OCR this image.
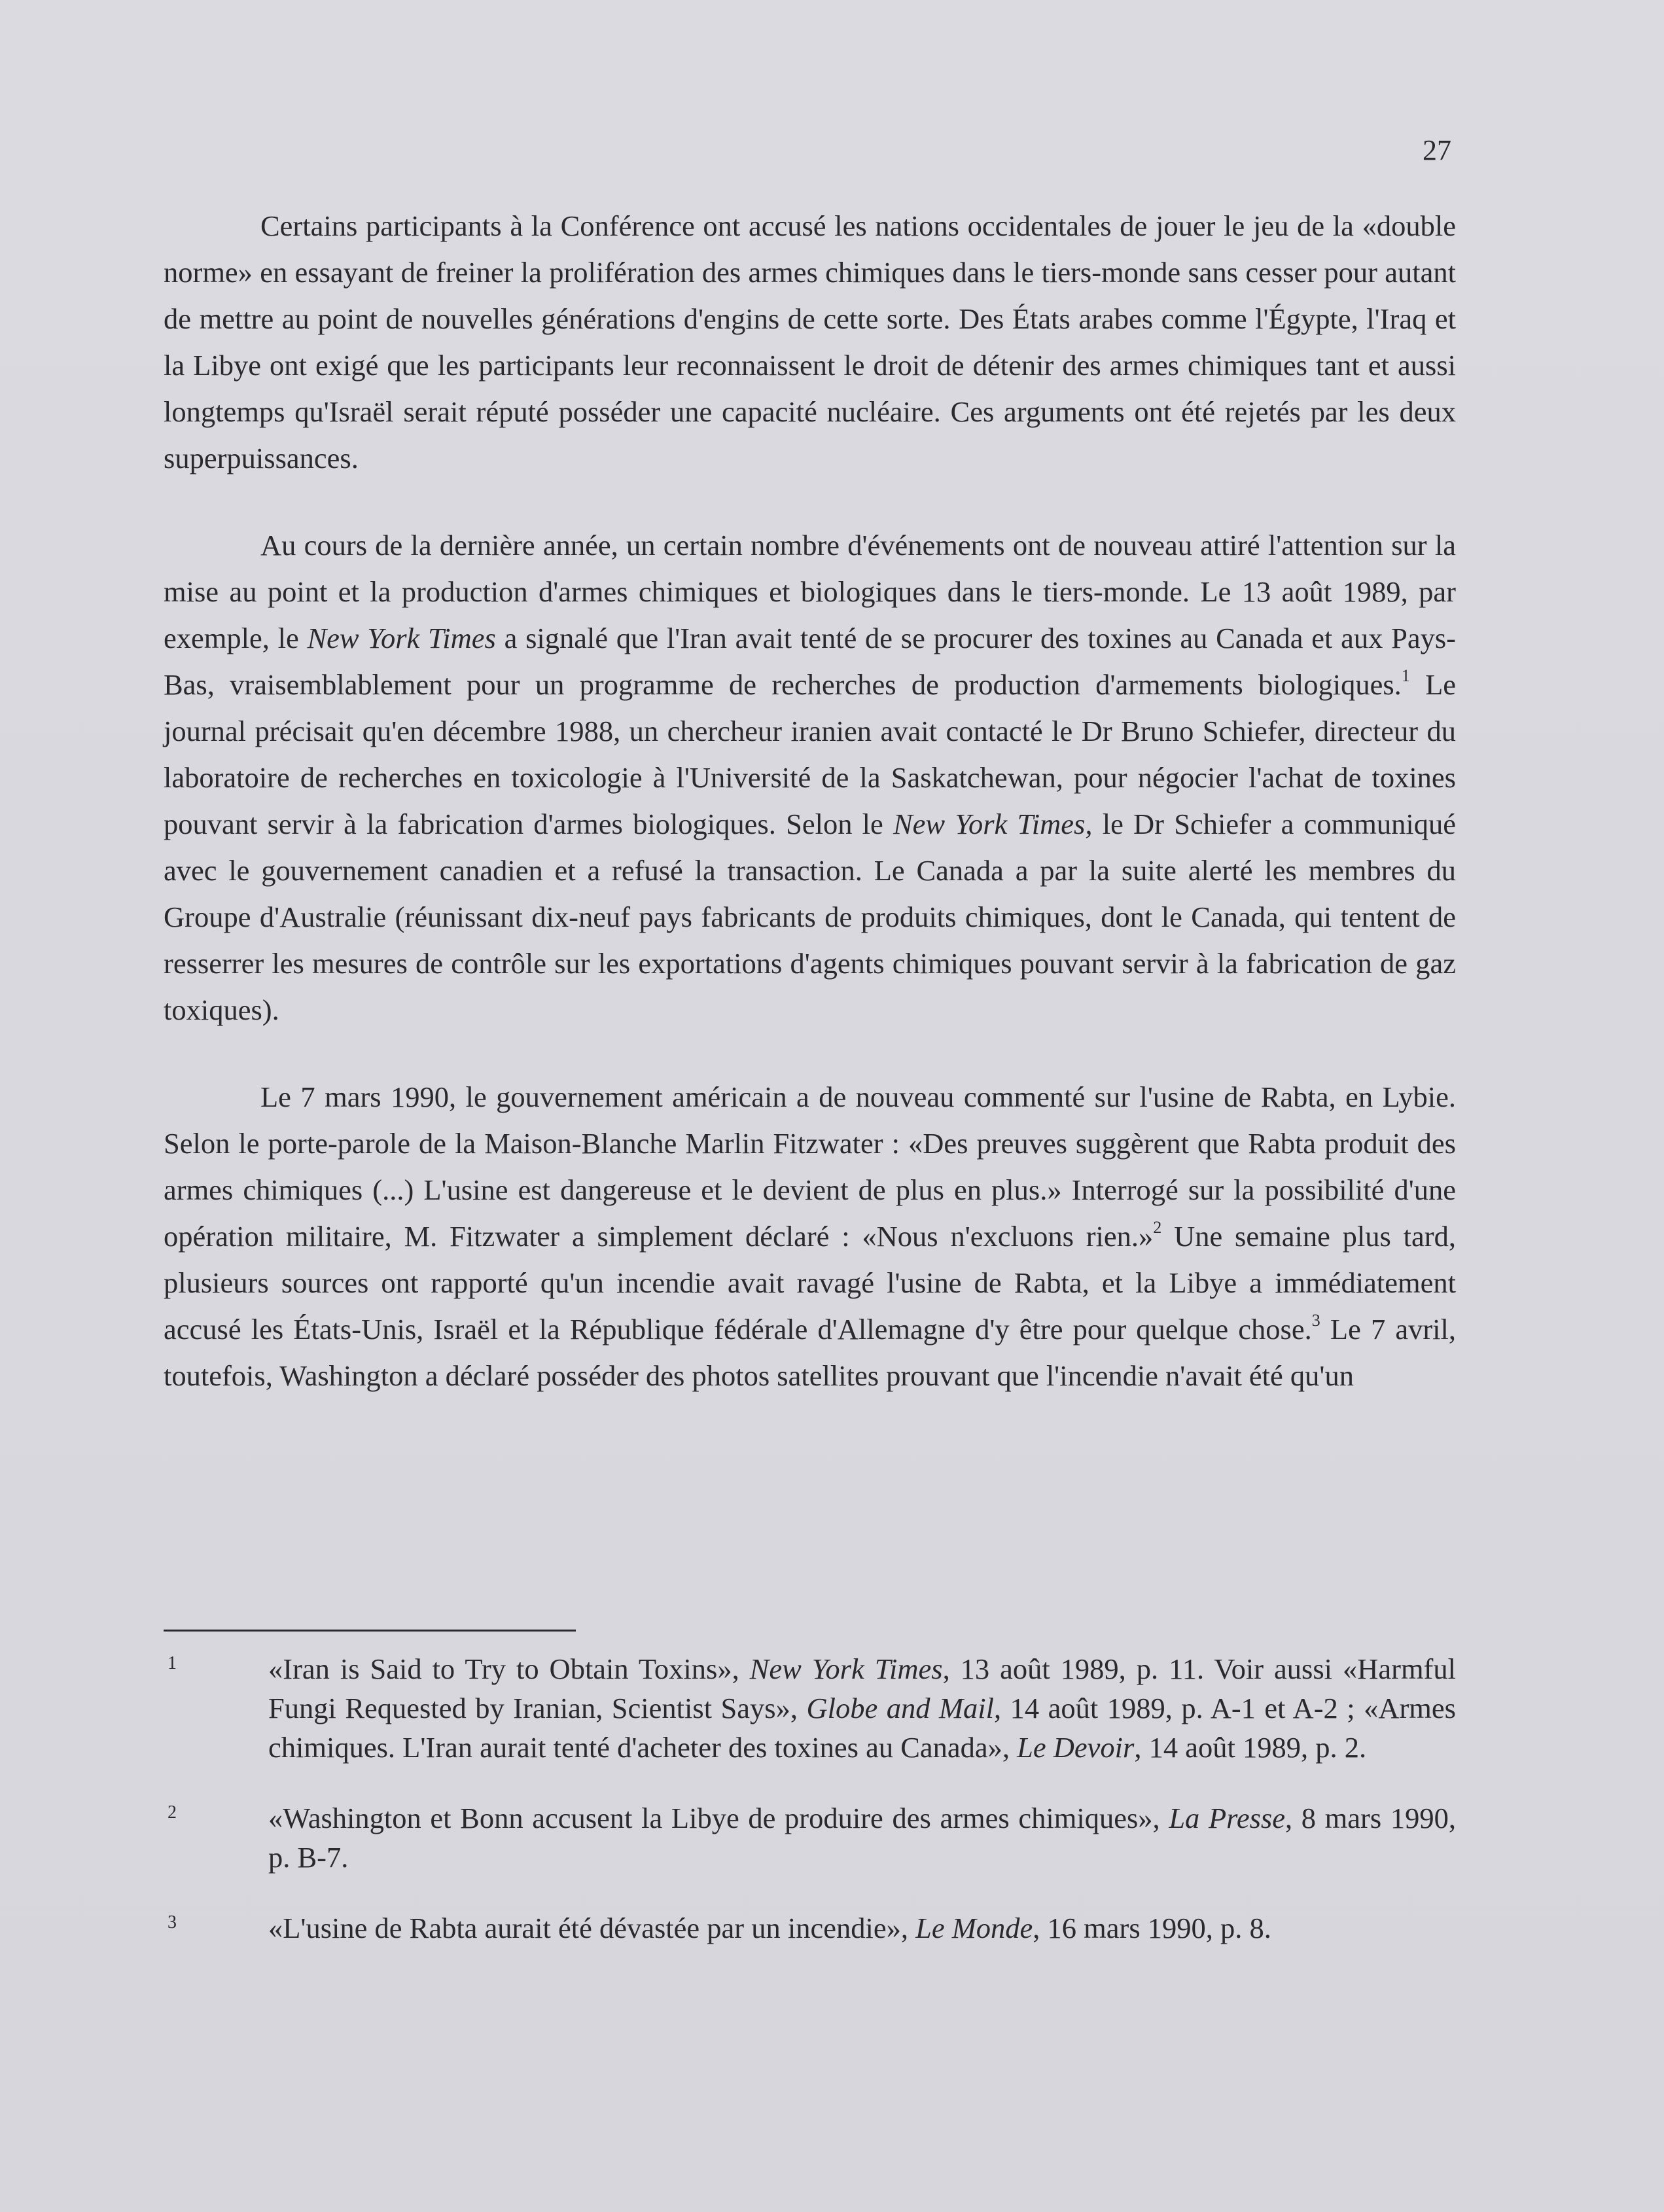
27

Certains participants à la Conférence ont accusé les nations occidentales de jouer le jeu de la «double norme» en essayant de freiner la prolifération des armes chimiques dans le tiers-monde sans cesser pour autant de mettre au point de nouvelles générations d'engins de cette sorte. Des États arabes comme l'Égypte, l'Iraq et la Libye ont exigé que les participants leur reconnaissent le droit de détenir des armes chimiques tant et aussi longtemps qu'Israël serait réputé posséder une capacité nucléaire. Ces arguments ont été rejetés par les deux superpuissances.

Au cours de la dernière année, un certain nombre d'événements ont de nouveau attiré l'attention sur la mise au point et la production d'armes chimiques et biologiques dans le tiers-monde. Le 13 août 1989, par exemple, le New York Times a signalé que l'Iran avait tenté de se procurer des toxines au Canada et aux Pays-Bas, vraisemblablement pour un programme de recherches de production d'armements biologiques.$^1$ Le journal précisait qu'en décembre 1988, un chercheur iranien avait contacté le Dr Bruno Schiefer, directeur du laboratoire de recherches en toxicologie à l'Université de la Saskatchewan, pour négocier l'achat de toxines pouvant servir à la fabrication d'armes biologiques. Selon le New York Times, le Dr Schiefer a communiqué avec le gouvernement canadien et a refusé la transaction. Le Canada a par la suite alerté les membres du Groupe d'Australie (réunissant dix-neuf pays fabricants de produits chimiques, dont le Canada, qui tentent de resserrer les mesures de contrôle sur les exportations d'agents chimiques pouvant servir à la fabrication de gaz toxiques).

Le 7 mars 1990, le gouvernement américain a de nouveau commenté sur l'usine de Rabta, en Lybie. Selon le porte-parole de la Maison-Blanche Marlin Fitzwater : «Des preuves suggèrent que Rabta produit des armes chimiques (...) L'usine est dangereuse et le devient de plus en plus.» Interrogé sur la possibilité d'une opération militaire, M. Fitzwater a simplement déclaré : «Nous n'excluons rien.»$^2$ Une semaine plus tard, plusieurs sources ont rapporté qu'un incendie avait ravagé l'usine de Rabta, et la Libye a immédiatement accusé les États-Unis, Israël et la République fédérale d'Allemagne d'y être pour quelque chose.$^3$ Le 7 avril, toutefois, Washington a déclaré posséder des photos satellites prouvant que l'incendie n'avait été qu'un

1	«Iran is Said to Try to Obtain Toxins», New York Times, 13 août 1989, p. 11. Voir aussi «Harmful Fungi Requested by Iranian, Scientist Says», Globe and Mail, 14 août 1989, p. A-1 et A-2 ; «Armes chimiques. L'Iran aurait tenté d'acheter des toxines au Canada», Le Devoir, 14 août 1989, p. 2.
2	«Washington et Bonn accusent la Libye de produire des armes chimiques», La Presse, 8 mars 1990, p. B-7.
3	«L'usine de Rabta aurait été dévastée par un incendie», Le Monde, 16 mars 1990, p. 8.
